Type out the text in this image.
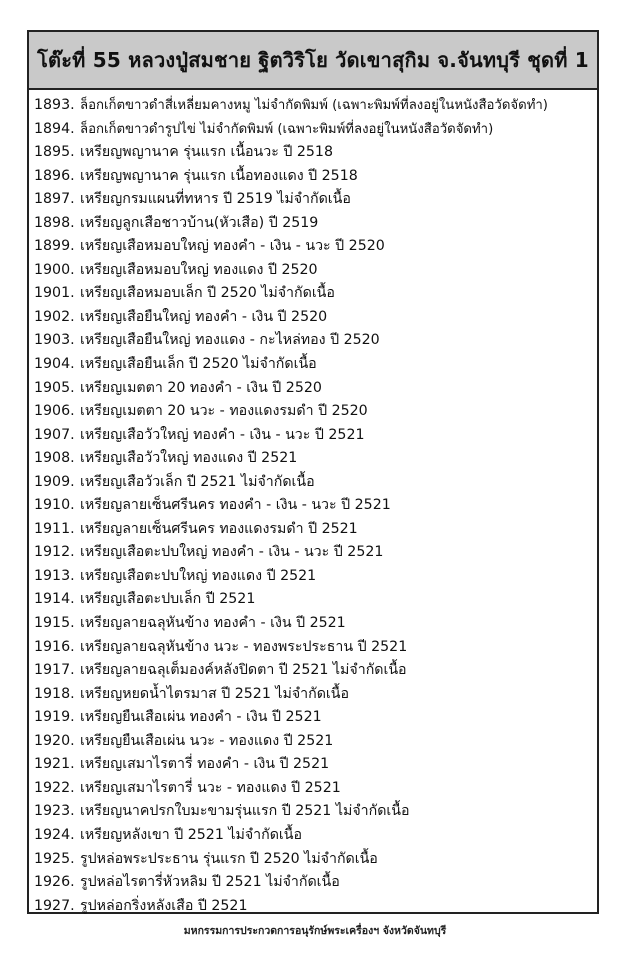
โต๊ะที่ 55 หลวงปู่สมชาย ฐิตวิริโย วัดเขาสุกิม จ.จันทบุรี ชุดที่ 1
1893. ล็อกเก็ตขาวดำสี่เหลี่ยมคางหมู ไม่จำกัดพิมพ์ (เฉพาะพิมพ์ที่ลงอยู่ในหนังสือวัดจัดทำ)
1894. ล็อกเก็ตขาวดำรูปไข่ ไม่จำกัดพิมพ์ (เฉพาะพิมพ์ที่ลงอยู่ในหนังสือวัดจัดทำ)
1895. เหรียญพญานาค รุ่นแรก เนื้อนวะ ปี 2518
1896. เหรียญพญานาค รุ่นแรก เนื้อทองแดง ปี 2518
1897. เหรียญกรมแผนที่ทหาร ปี 2519 ไม่จำกัดเนื้อ
1898. เหรียญลูกเสือชาวบ้าน(หัวเสือ) ปี 2519
1899. เหรียญเสือหมอบใหญ่ ทองคำ - เงิน - นวะ ปี 2520
1900. เหรียญเสือหมอบใหญ่ ทองแดง ปี 2520
1901. เหรียญเสือหมอบเล็ก ปี 2520 ไม่จำกัดเนื้อ
1902. เหรียญเสือยืนใหญ่ ทองคำ - เงิน ปี 2520
1903. เหรียญเสือยืนใหญ่ ทองแดง - กะไหล่ทอง ปี 2520
1904. เหรียญเสือยืนเล็ก ปี 2520 ไม่จำกัดเนื้อ
1905. เหรียญเมตตา 20 ทองคำ - เงิน ปี 2520
1906. เหรียญเมตตา 20 นวะ - ทองแดงรมดำ ปี 2520
1907. เหรียญเสือวัวใหญ่ ทองคำ - เงิน - นวะ ปี 2521
1908. เหรียญเสือวัวใหญ่ ทองแดง ปี 2521
1909. เหรียญเสือวัวเล็ก ปี 2521 ไม่จำกัดเนื้อ
1910. เหรียญลายเซ็นศรีนคร ทองคำ - เงิน - นวะ ปี 2521
1911. เหรียญลายเซ็นศรีนคร ทองแดงรมดำ ปี 2521
1912. เหรียญเสือตะปบใหญ่ ทองคำ - เงิน - นวะ ปี 2521
1913. เหรียญเสือตะปบใหญ่ ทองแดง ปี 2521
1914. เหรียญเสือตะปบเล็ก ปี 2521
1915. เหรียญลายฉลุหันข้าง ทองคำ - เงิน ปี 2521
1916. เหรียญลายฉลุหันข้าง นวะ - ทองพระประธาน ปี 2521
1917. เหรียญลายฉลุเต็มองค์หลังปิดตา ปี 2521 ไม่จำกัดเนื้อ
1918. เหรียญหยดน้ำไตรมาส ปี 2521 ไม่จำกัดเนื้อ
1919. เหรียญยืนเสือเผ่น ทองคำ - เงิน ปี 2521
1920. เหรียญยืนเสือเผ่น นวะ - ทองแดง ปี 2521
1921. เหรียญเสมาไรตารี่ ทองคำ - เงิน ปี 2521
1922. เหรียญเสมาไรตารี่ นวะ - ทองแดง ปี 2521
1923. เหรียญนาคปรกใบมะขามรุ่นแรก ปี 2521 ไม่จำกัดเนื้อ
1924. เหรียญหลังเขา ปี 2521 ไม่จำกัดเนื้อ
1925. รูปหล่อพระประธาน รุ่นแรก ปี 2520 ไม่จำกัดเนื้อ
1926. รูปหล่อไรตารี่หัวหลิม ปี 2521 ไม่จำกัดเนื้อ
1927. รูปหล่อกริ่งหลังเสือ ปี 2521
มหกรรมการประกวดการอนุรักษ์พระเครื่องฯ จังหวัดจันทบุรี
